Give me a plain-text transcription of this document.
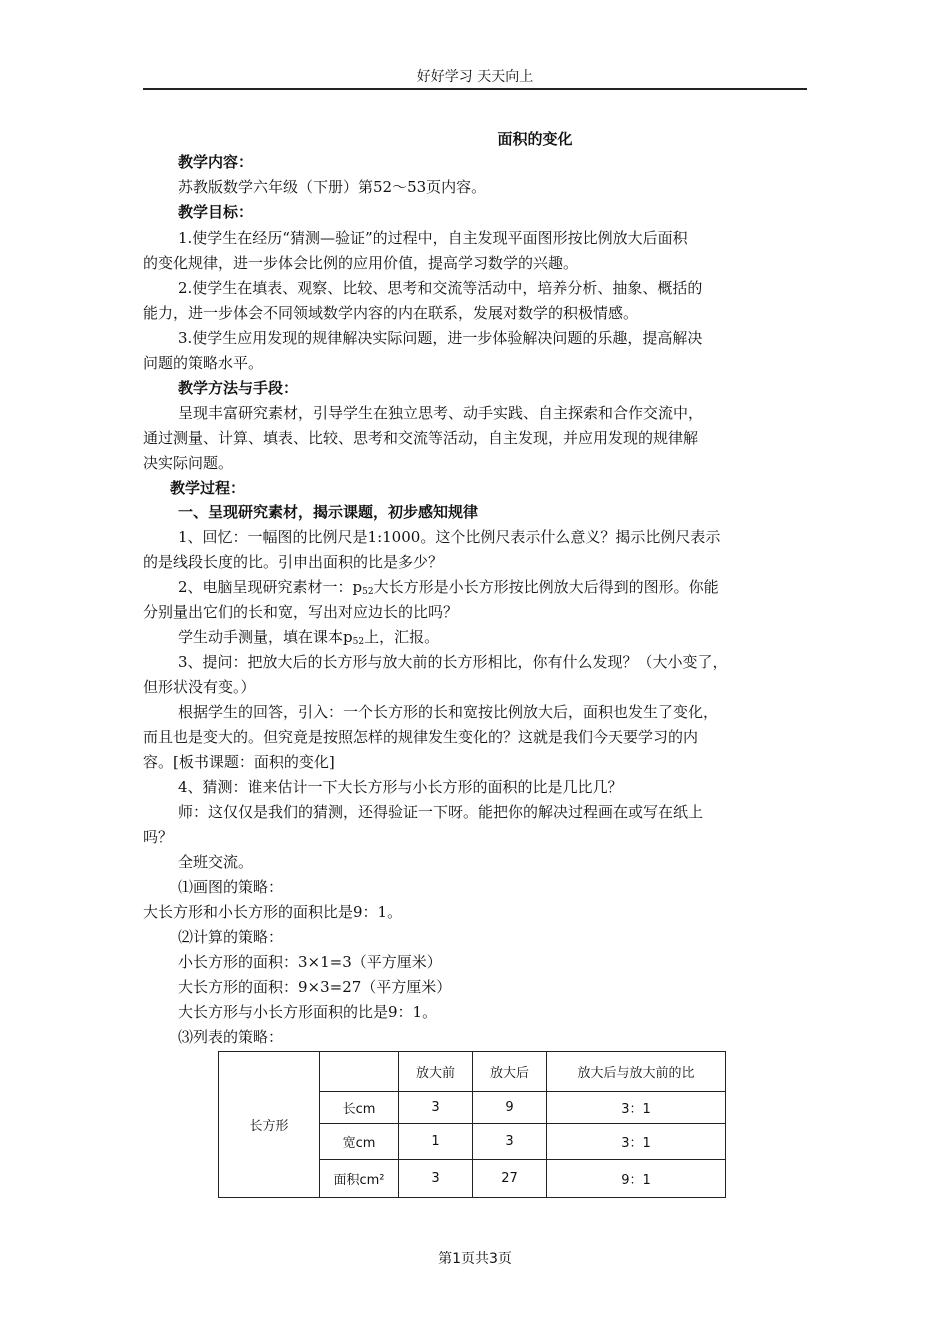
好好学习 天天向上
面积的变化
教学内容：
苏教版数学六年级（下册）第52～53页内容。
教学目标：
1.使学生在经历“猜测—验证”的过程中，自主发现平面图形按比例放大后面积
的变化规律，进一步体会比例的应用价值，提高学习数学的兴趣。
2.使学生在填表、观察、比较、思考和交流等活动中，培养分析、抽象、概括的
能力，进一步体会不同领域数学内容的内在联系，发展对数学的积极情感。
3.使学生应用发现的规律解决实际问题，进一步体验解决问题的乐趣，提高解决
问题的策略水平。
教学方法与手段：
呈现丰富研究素材，引导学生在独立思考、动手实践、自主探索和合作交流中，
通过测量、计算、填表、比较、思考和交流等活动，自主发现，并应用发现的规律解
决实际问题。
教学过程：
一、呈现研究素材，揭示课题，初步感知规律
1、回忆：一幅图的比例尺是1:1000。这个比例尺表示什么意义？揭示比例尺表示
的是线段长度的比。引申出面积的比是多少？
2、电脑呈现研究素材一：$p_{52}$大长方形是小长方形按比例放大后得到的图形。你能
分别量出它们的长和宽，写出对应边长的比吗？
学生动手测量，填在课本$p_{52}$上，汇报。
3、提问：把放大后的长方形与放大前的长方形相比，你有什么发现？（大小变了，
但形状没有变。）
根据学生的回答，引入：一个长方形的长和宽按比例放大后，面积也发生了变化，
而且也是变大的。但究竟是按照怎样的规律发生变化的？这就是我们今天要学习的内
容。[板书课题：面积的变化]
4、猜测：谁来估计一下大长方形与小长方形的面积的比是几比几？
师：这仅仅是我们的猜测，还得验证一下呀。能把你的解决过程画在或写在纸上
吗？
全班交流。
⑴画图的策略：
大长方形和小长方形的面积比是9：1。
⑵计算的策略：
小长方形的面积：3×1=3（平方厘米）
大长方形的面积：9×3=27（平方厘米）
大长方形与小长方形面积的比是9：1。
⑶列表的策略：
长方形		放大前	放大后	放大后与放大前的比
	长cm	3	9	3：1
	宽cm	1	3	3：1
	面积cm²	3	27	9：1
第1页共3页
